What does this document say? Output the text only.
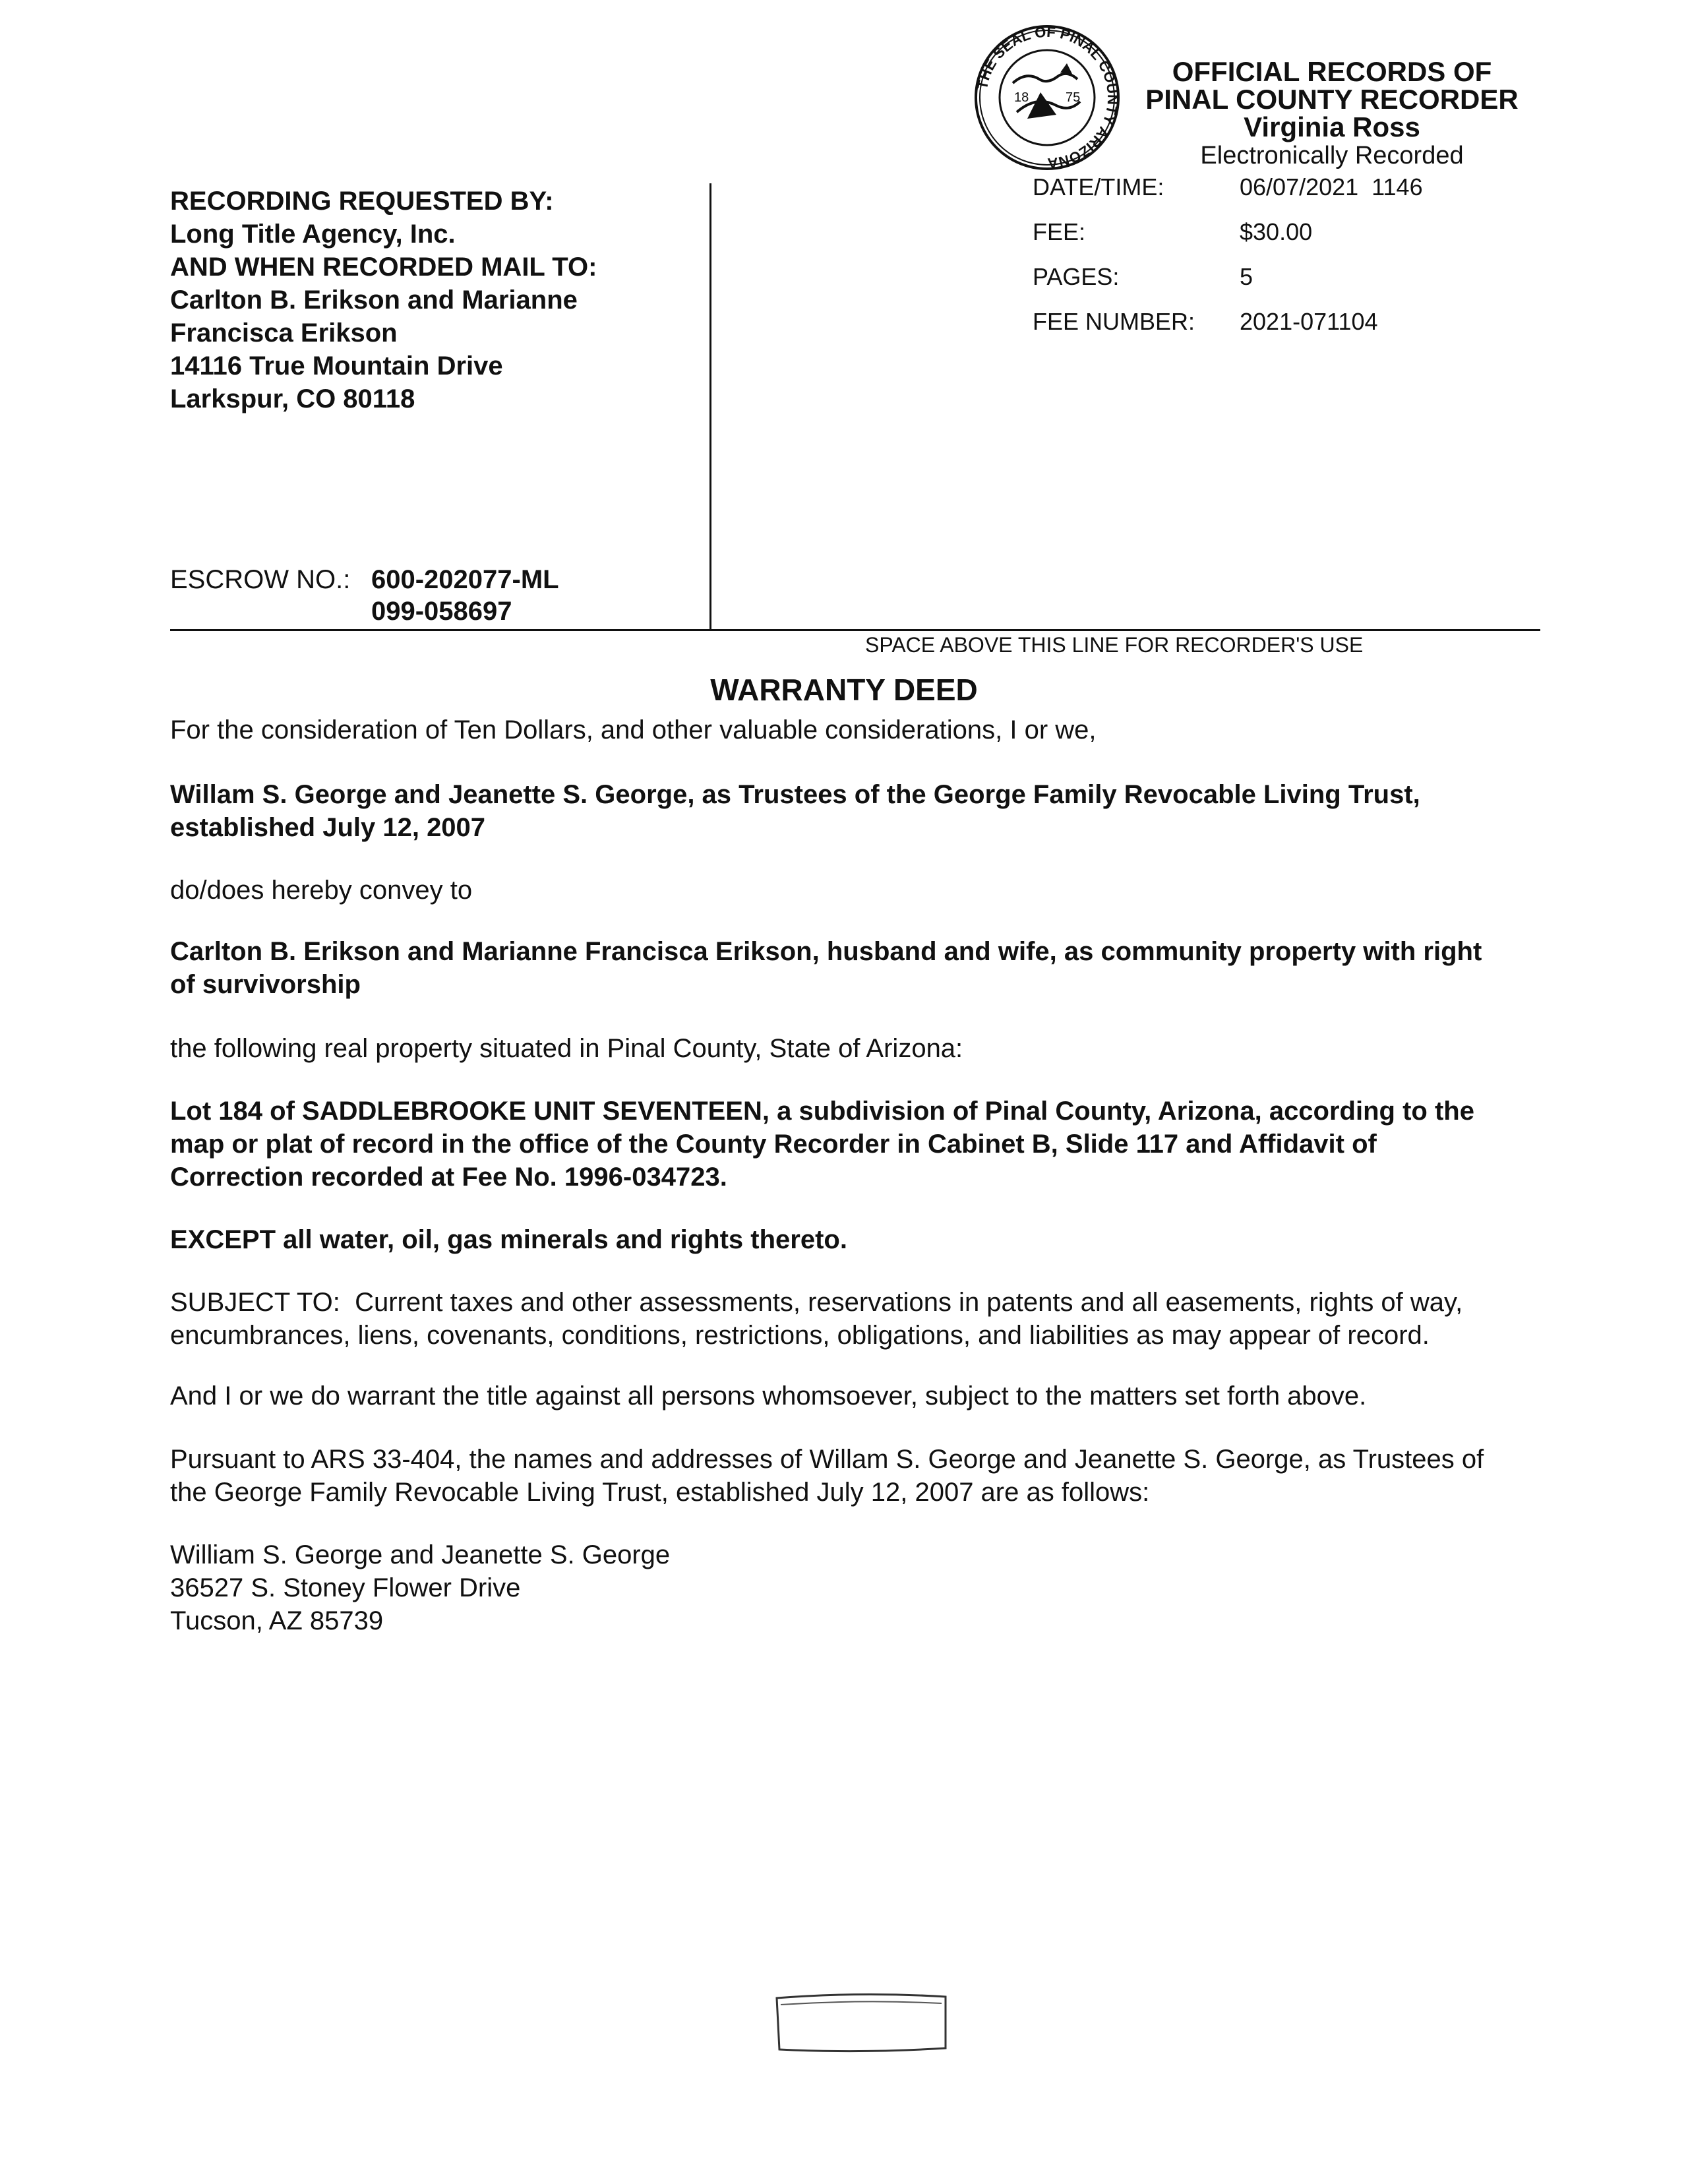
THE SEAL OF PINAL COUNTY ARIZONA
18	75
OFFICIAL RECORDS OF
PINAL COUNTY RECORDER
Virginia Ross
Electronically Recorded
DATE/TIME:	06/07/2021  1146
FEE:	$30.00
PAGES:	5
FEE NUMBER: 2021-071104
SPACE ABOVE THIS LINE FOR RECORDER'S USE
RECORDING REQUESTED BY:
Long Title Agency, Inc.
AND WHEN RECORDED MAIL TO:
Carlton B. Erikson and Marianne
Francisca Erikson
14116 True Mountain Drive
Larkspur, CO 80118
ESCROW NO.: 600-202077-ML
099-058697
WARRANTY DEED
For the consideration of Ten Dollars, and other valuable considerations, I or we,
Willam S. George and Jeanette S. George, as Trustees of the George Family Revocable Living Trust,
established July 12, 2007
do/does hereby convey to
Carlton B. Erikson and Marianne Francisca Erikson, husband and wife, as community property with right
of survivorship
the following real property situated in Pinal County, State of Arizona:
Lot 184 of SADDLEBROOKE UNIT SEVENTEEN, a subdivision of Pinal County, Arizona, according to the
map or plat of record in the office of the County Recorder in Cabinet B, Slide 117 and Affidavit of
Correction recorded at Fee No. 1996-034723.
EXCEPT all water, oil, gas minerals and rights thereto.
SUBJECT TO:  Current taxes and other assessments, reservations in patents and all easements, rights of way,
encumbrances, liens, covenants, conditions, restrictions, obligations, and liabilities as may appear of record.
And I or we do warrant the title against all persons whomsoever, subject to the matters set forth above.
Pursuant to ARS 33-404, the names and addresses of Willam S. George and Jeanette S. George, as Trustees of
the George Family Revocable Living Trust, established July 12, 2007 are as follows:
William S. George and Jeanette S. George
36527 S. Stoney Flower Drive
Tucson, AZ 85739
